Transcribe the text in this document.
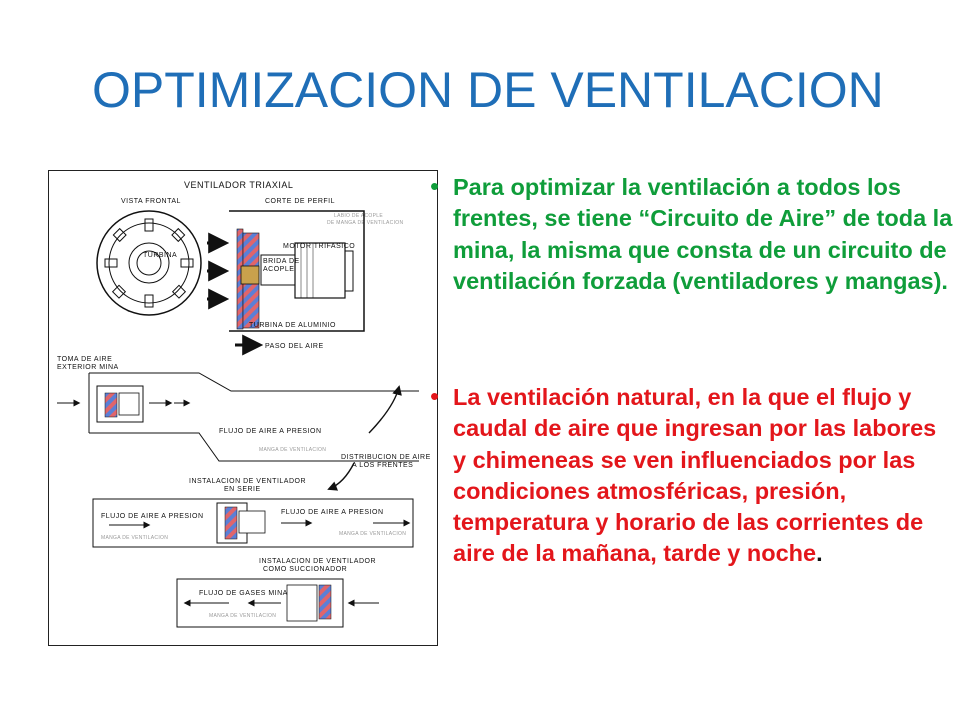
OPTIMIZACION DE VENTILACION
VENTILADOR TRIAXIAL
VISTA FRONTAL
TURBINA
CORTE DE PERFIL
LABIO DE ACOPLE
DE MANGA DE VENTILACION
MOTOR TRIFASICO
BRIDA DE
ACOPLE
TURBINA DE ALUMINIO
PASO DEL AIRE
TOMA DE AIRE
EXTERIOR MINA
FLUJO DE AIRE A PRESION
MANGA DE VENTILACION
DISTRIBUCION DE AIRE
A LOS FRENTES
INSTALACION DE VENTILADOR
EN SERIE
FLUJO DE AIRE A PRESION
FLUJO DE AIRE A PRESION
MANGA DE VENTILACION
MANGA DE VENTILACION
INSTALACION DE VENTILADOR
COMO SUCCIONADOR
FLUJO DE GASES MINA
MANGA DE VENTILACION
• Para optimizar la ventilación a todos los frentes, se tiene “Circuito de Aire” de toda la mina, la misma que consta de un circuito de ventilación forzada (ventiladores y mangas).
• La ventilación natural, en la que el flujo y caudal de aire que ingresan por las labores y chimeneas se ven influenciados por las condiciones atmosféricas, presión, temperatura y horario de las corrientes de aire de la mañana, tarde y noche.
